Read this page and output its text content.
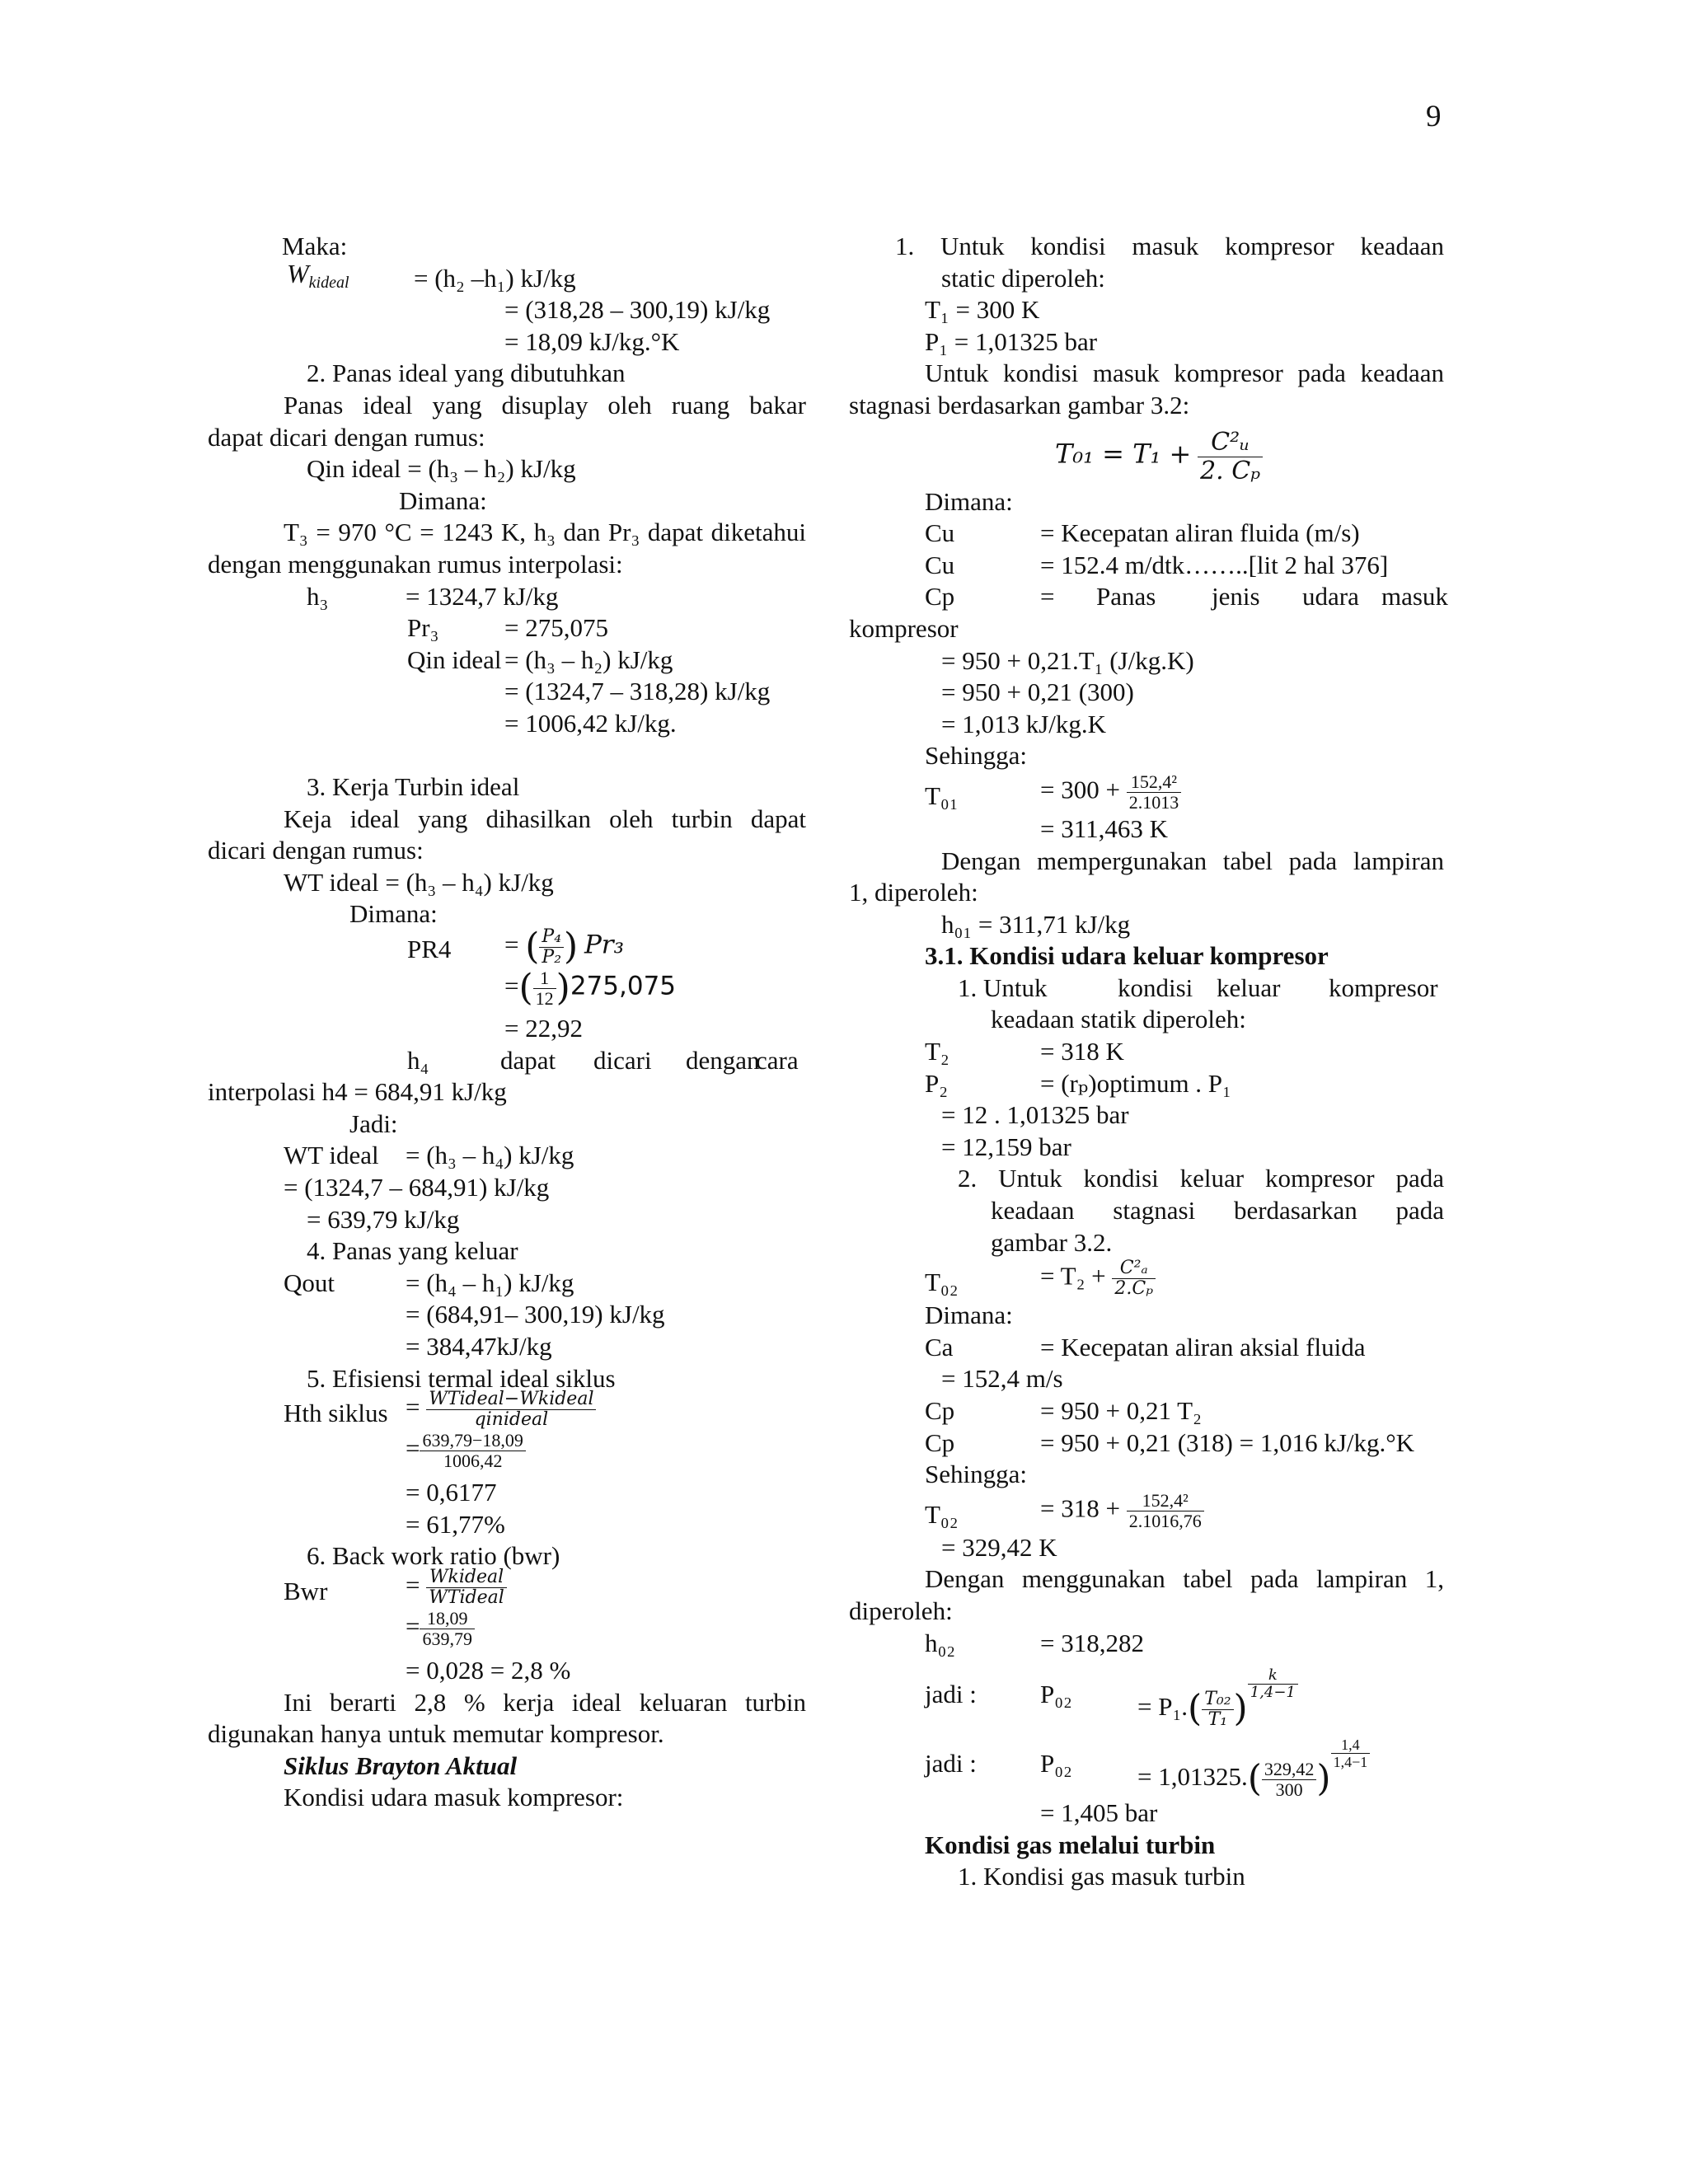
9
Maka:
$W_{kideal}$	= (h₂ –h₁) kJ/kg
= (318,28 – 300,19) kJ/kg
= 18,09 kJ/kg.°K
2. Panas ideal yang dibutuhkan
Panas ideal yang disuplay oleh ruang bakar
dapat dicari dengan rumus:
Qin ideal = (h₃ – h₂) kJ/kg
Dimana:
T₃ = 970 °C = 1243 K, h₃ dan Pr₃ dapat diketahui
dengan menggunakan rumus interpolasi:
h₃	= 1324,7 kJ/kg
Pr₃	= 275,075
Qin ideal = (h₃ – h₂) kJ/kg
= (1324,7 – 318,28) kJ/kg
= 1006,42 kJ/kg.
3. Kerja Turbin ideal
Keja ideal yang dihasilkan oleh turbin dapat
dicari dengan rumus:
WT ideal = (h₃ – h₄) kJ/kg
Dimana:
PR4 = ( $\frac{\text{P₄}}{\text{P₂}}$ ) Pr₃
=( $\frac{1}{12} )275,075$
= 22,92
h₄	dapat dicari dengan
cara
interpolasi h4 = 684,91 kJ/kg
Jadi:
WT ideal = (h₃ – h₄) kJ/kg
= (1324,7 – 684,91) kJ/kg
= 639,79 kJ/kg
4. Panas yang keluar
Qout	= (h₄ – h₁) kJ/kg
= (684,91– 300,19) kJ/kg
= 384,47kJ/kg
5. Efisiensi termal ideal siklus
Hth siklus = $\frac{\text{WTideal−Wkideal}}{\text{qinideal}}$
= $\frac{639,79-18,09}{1006,42}$
= 0,6177
= 61,77%
6. Back work ratio (bwr)
Bwr	= $\frac{\text{Wkideal}}{\text{WTideal}}$
= $\frac{18,09}{639,79}$
= 0,028 = 2,8 %
Ini berarti 2,8 % kerja ideal keluaran turbin
digunakan hanya untuk memutar kompresor.
Siklus Brayton Aktual
Kondisi udara masuk kompresor:
1. Untuk kondisi masuk kompresor keadaan
static diperoleh:
T₁ = 300 K
P₁ = 1,01325 bar
Untuk kondisi masuk kompresor pada keadaan
stagnasi berdasarkan gambar 3.2:
$T_{01} = T_1 + \frac{\text{C²ᵤ}}{\text{2. Cₚ}}$
Dimana:
Cu	= Kecepatan aliran fluida (m/s)
Cu	= 152.4 m/dtk……..[lit 2 hal 376]
Cp	= Panas jenis udara masuk
kompresor
= 950 + 0,21.T₁ (J/kg.K)
= 950 + 0,21 (300)
= 1,013 kJ/kg.K
Sehingga:
T₀₁	= $300 + \frac{\text{152,4²}}{2.1013}$
= 311,463 K
Dengan mempergunakan tabel pada lampiran
1, diperoleh:
h₀₁ = 311,71 kJ/kg
3.1. Kondisi udara keluar kompresor
1. Untuk	kondisi keluar kompresor
keadaan statik diperoleh:
T₂	= 318 K
P₂	= (rₚ)optimum . P₁
= 12 . 1,01325 bar
= 12,159 bar
2. Untuk kondisi keluar kompresor pada
keadaan stagnasi berdasarkan pada
gambar 3.2.
T₀₂	= $T_2 + \frac{\text{C²ₐ}}{\text{2.Cₚ}}$
Dimana:
Ca	= Kecepatan aliran aksial fluida
= 152,4 m/s
Cp	= 950 + 0,21 T₂
Cp	= 950 + 0,21 (318) = 1,016 kJ/kg.°K
Sehingga:
T₀₂	= $318 + \frac{\text{152,4²}}{2.1016,76}$
= 329,42 K
Dengan menggunakan tabel pada lampiran 1,
diperoleh:
h₀₂	= 318,282
jadi : P₀₂	= $P_1.( \frac{\text{T₀₂}}{\text{T₁}}$ )
$\frac{k}{1,4-1}$
jadi : P₀₂	= $1,01325.( \frac{329,42}{300}$ )
$\frac{1,4}{1,4-1}$
= 1,405 bar
Kondisi gas melalui turbin
1. Kondisi gas masuk turbin
